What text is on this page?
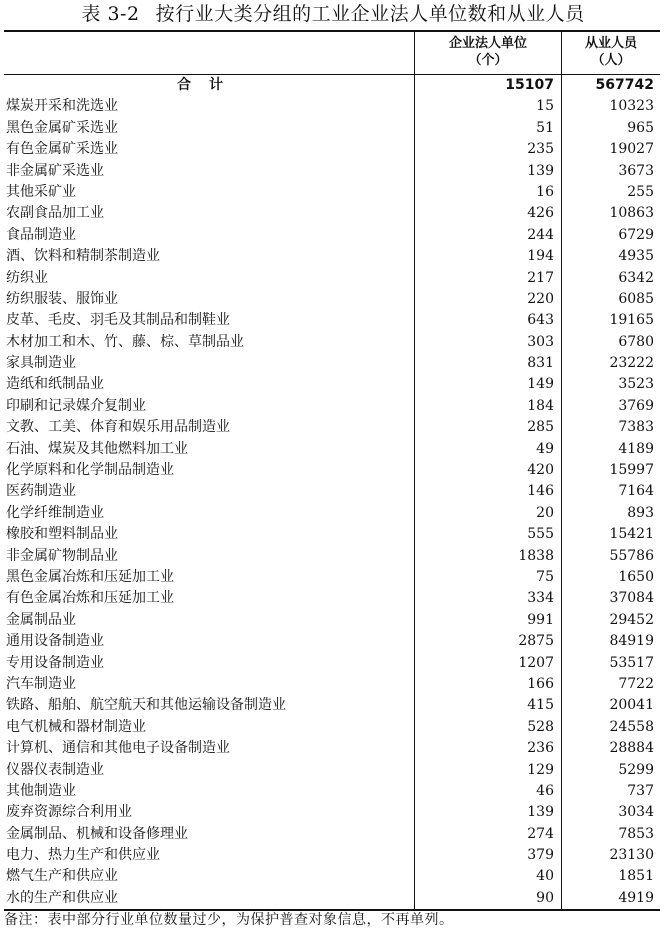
表 3-2 按行业大类分组的工业企业法人单位数和从业人员
企业法人单位
（个）
从业人员
（人）
合计	15107	567742
煤炭开采和洗选业	15	10323
黑色金属矿采选业	51	965
有色金属矿采选业	235	19027
非金属矿采选业	139	3673
其他采矿业	16	255
农副食品加工业	426	10863
食品制造业	244	6729
酒、饮料和精制茶制造业	194	4935
纺织业	217	6342
纺织服装、服饰业	220	6085
皮革、毛皮、羽毛及其制品和制鞋业	643	19165
木材加工和木、竹、藤、棕、草制品业	303	6780
家具制造业	831	23222
造纸和纸制品业	149	3523
印刷和记录媒介复制业	184	3769
文教、工美、体育和娱乐用品制造业	285	7383
石油、煤炭及其他燃料加工业	49	4189
化学原料和化学制品制造业	420	15997
医药制造业	146	7164
化学纤维制造业	20	893
橡胶和塑料制品业	555	15421
非金属矿物制品业	1838	55786
黑色金属冶炼和压延加工业	75	1650
有色金属冶炼和压延加工业	334	37084
金属制品业	991	29452
通用设备制造业	2875	84919
专用设备制造业	1207	53517
汽车制造业	166	7722
铁路、船舶、航空航天和其他运输设备制造业	415	20041
电气机械和器材制造业	528	24558
计算机、通信和其他电子设备制造业	236	28884
仪器仪表制造业	129	5299
其他制造业	46	737
废弃资源综合利用业	139	3034
金属制品、机械和设备修理业	274	7853
电力、热力生产和供应业	379	23130
燃气生产和供应业	40	1851
水的生产和供应业	90	4919
备注：表中部分行业单位数量过少，为保护普查对象信息，不再单列。
